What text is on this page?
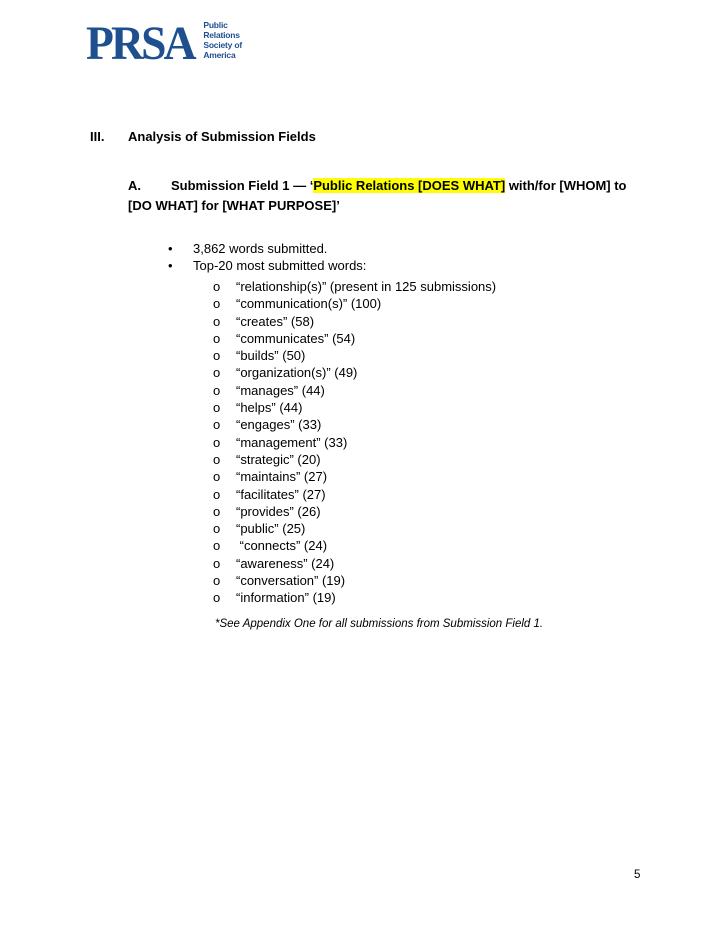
PRSA Public
Relations
Society of
America
III.	Analysis of Submission Fields
A. Submission Field 1 — ‘Public Relations [DOES WHAT] with/for [WHOM] to [DO WHAT] for [WHAT PURPOSE]’
•	3,862 words submitted.
•	Top-20 most submitted words:
o	“relationship(s)” (present in 125 submissions)
o	“communication(s)” (100)
o	“creates” (58)
o	“communicates” (54)
o	“builds” (50)
o	“organization(s)” (49)
o	“manages” (44)
o	“helps” (44)
o	“engages” (33)
o	“management” (33)
o	“strategic” (20)
o	“maintains” (27)
o	“facilitates” (27)
o	“provides” (26)
o	“public” (25)
o	“connects” (24)
o	“awareness” (24)
o	“conversation” (19)
o	“information” (19)
*See Appendix One for all submissions from Submission Field 1.
5
